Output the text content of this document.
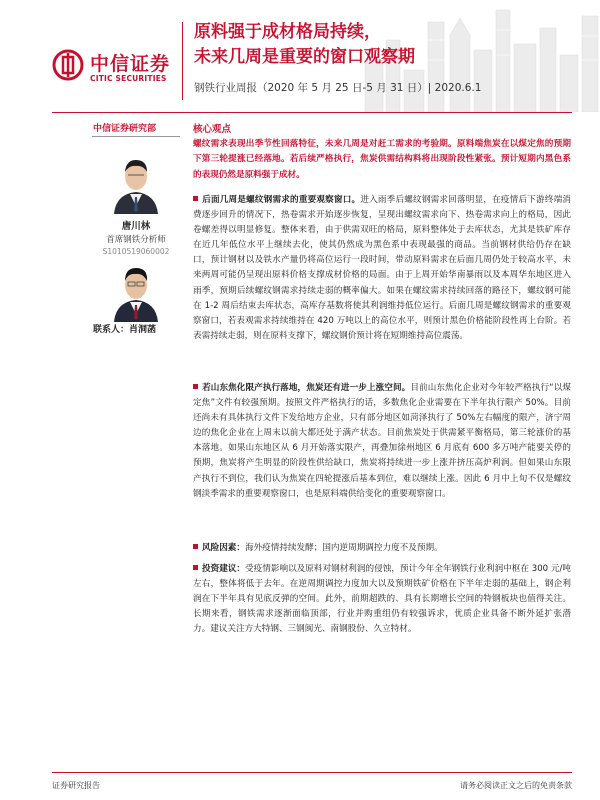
中信证券
CITIC SECURITIES
原料强于成材格局持续，
未来几周是重要的窗口观察期
钢铁行业周报（2020 年 5 月 25 日-5 月 31 日）| 2020.6.1
中信证券研究部
唐川林
首席钢铁分析师
S1010519060002
联系人：肖洞菡
核心观点
螺纹需求表现出季节性回落特征，未来几周是对赶工需求的考验期。原料端焦炭在以煤定焦的预期下第三轮提涨已经落地。若后续严格执行，焦炭供需结构料将出现阶段性紧张。预计短期内黑色系的表现仍然是原料强于成材。
后面几周是螺纹钢需求的重要观察窗口。进入雨季后螺纹钢需求回落明显，在疫情后下游终端消费逐步回升的情况下，热卷需求开始逐步恢复，呈现出螺纹需求向下、热卷需求向上的格局，因此卷螺差得以明显修复。整体来看，由于供需双旺的格局，原料整体处于去库状态，尤其是铁矿库存在近几年低位水平上继续去化，使其仍然成为黑色系中表现最强的商品。当前钢材供给仍存在缺口，预计钢材以及铁水产量仍将高位运行一段时间，带动原料需求在后面几周仍处于较高水平，未来两周可能仍呈现出原料价格支撑成材价格的局面。由于上周开始华南暴雨以及本周华东地区进入雨季，预期后续螺纹钢需求持续走弱的概率偏大。如果在螺纹需求持续回落的路径下，螺纹钢可能在 1-2 周后结束去库状态，高库存基数将使其利润维持低位运行。后面几周是螺纹钢需求的重要观察窗口，若表观需求持续维持在 420 万吨以上的高位水平，则预计黑色价格能阶段性再上台阶。若表需持续走弱，则在原料支撑下，螺纹钢价预计将在短期维持高位震荡。
若山东焦化限产执行落地，焦炭还有进一步上涨空间。目前山东焦化企业对今年较严格执行“以煤定焦”文件有较强预期。按照文件严格执行的话，多数焦化企业需要在下半年执行限产 50%。目前还尚未有具体执行文件下发给地方企业，只有部分地区如菏泽执行了 50%左右幅度的限产，济宁周边的焦化企业在上周末以前大都还处于满产状态。目前焦炭处于供需紧平衡格局，第三轮涨价的基本落地。如果山东地区从 6 月开始落实限产，再叠加徐州地区 6 月底有 600 多万吨产能要关停的预期，焦炭将产生明显的阶段性供给缺口，焦炭将持续进一步上涨并挤压高炉利润。但如果山东限产执行不到位，我们认为焦炭在四轮提涨后基本到位，难以继续上涨。因此 6 月中上旬不仅是螺纹钢淡季需求的重要观察窗口，也是原料端供给变化的重要观察窗口。
风险因素：海外疫情持续发酵；国内逆周期调控力度不及预期。
投资建议：受疫情影响以及原料对钢材利润的侵蚀，预计今年全年钢铁行业利润中枢在 300 元/吨左右，整体将低于去年。在逆周期调控力度加大以及预期铁矿价格在下半年走弱的基础上，钢企利润在下半年具有见底反弹的空间。此外，前期超跌的、具有长期增长空间的特钢板块也值得关注。长期来看，钢铁需求逐渐面临顶部，行业并购重组仍有较强诉求，优质企业具备不断外延扩张潜力。建议关注方大特钢、三钢闽光、南钢股份、久立特材。
证券研究报告	请务必阅读正文之后的免责条款
